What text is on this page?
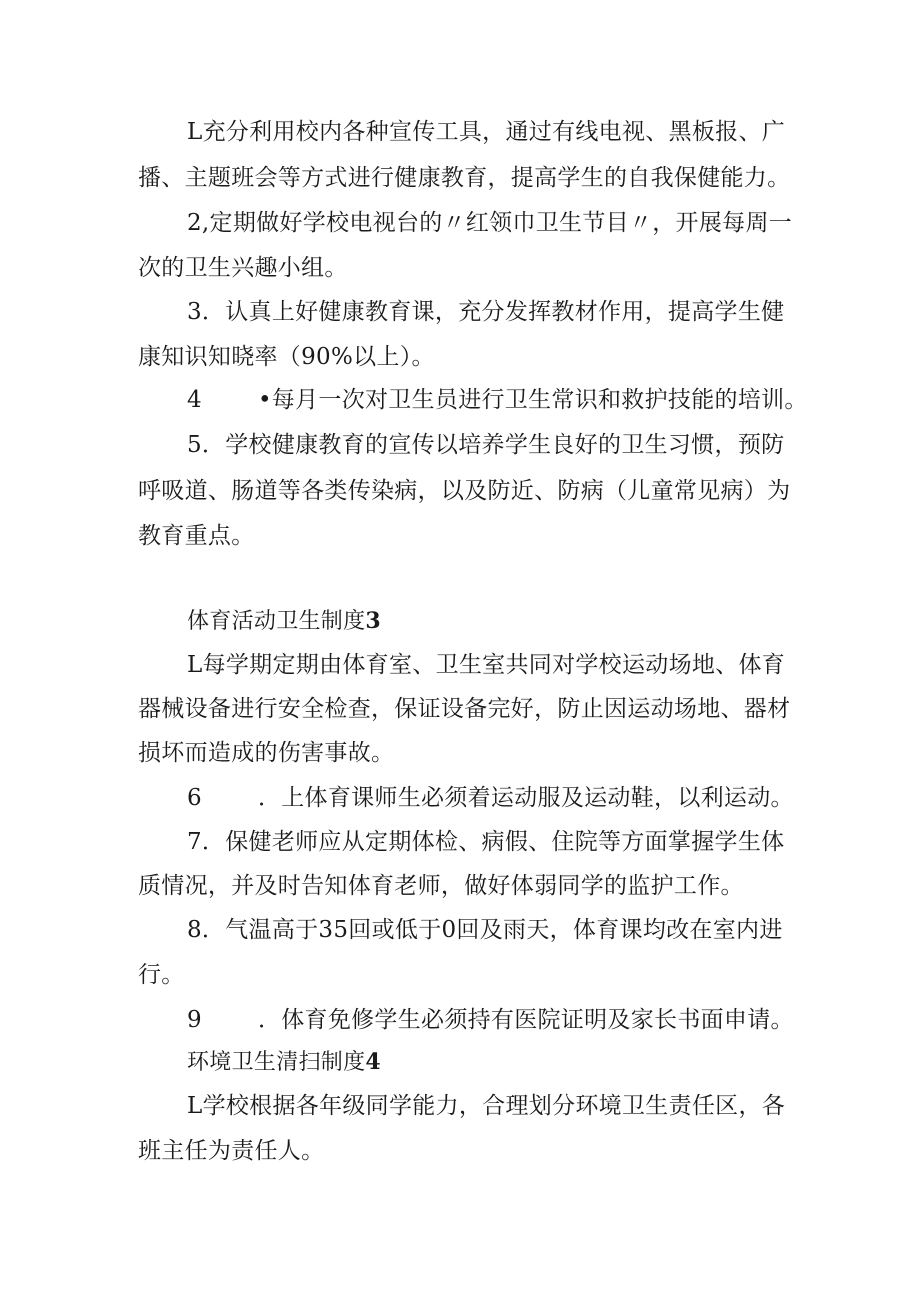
L充分利用校内各种宣传工具，通过有线电视、黑板报、广
播、主题班会等方式进行健康教育，提高学生的自我保健能力。
2,定期做好学校电视台的〃红领巾卫生节目〃，开展每周一
次的卫生兴趣小组。
3．认真上好健康教育课，充分发挥教材作用，提高学生健
康知识知晓率（90%以上）。
4 •每月一次对卫生员进行卫生常识和救护技能的培训。
5．学校健康教育的宣传以培养学生良好的卫生习惯，预防
呼吸道、肠道等各类传染病，以及防近、防病（儿童常见病）为
教育重点。
体育活动卫生制度3
L每学期定期由体育室、卫生室共同对学校运动场地、体育
器械设备进行安全检查，保证设备完好，防止因运动场地、器材
损坏而造成的伤害事故。
6 ．上体育课师生必须着运动服及运动鞋，以利运动。
7．保健老师应从定期体检、病假、住院等方面掌握学生体
质情况，并及时告知体育老师，做好体弱同学的监护工作。
8．气温高于35回或低于0回及雨天，体育课均改在室内进
行。
9 ．体育免修学生必须持有医院证明及家长书面申请。
环境卫生清扫制度4
L学校根据各年级同学能力，合理划分环境卫生责任区，各
班主任为责任人。
